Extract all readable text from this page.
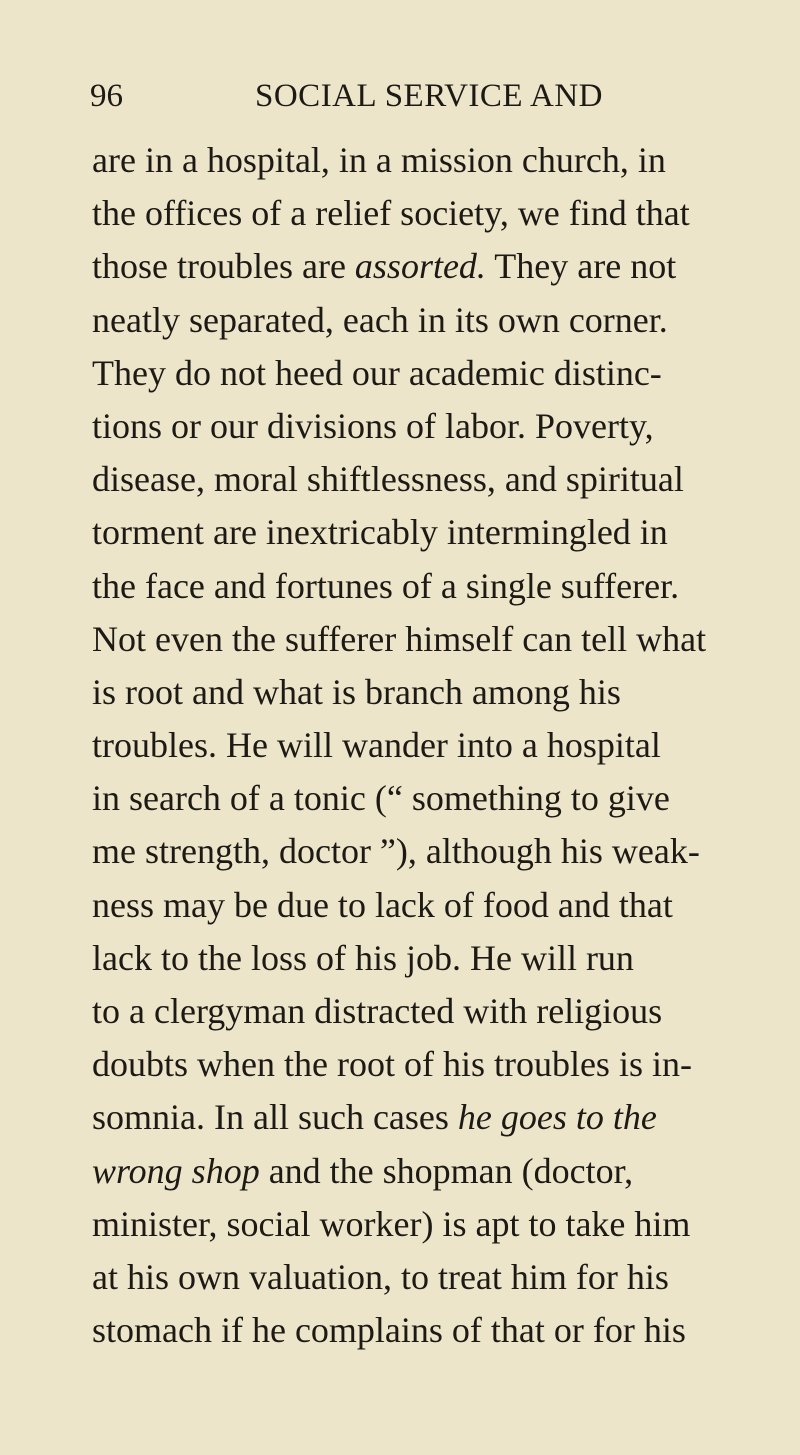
96	SOCIAL SERVICE AND
are in a hospital, in a mission church, in
the offices of a relief society, we find that
those troubles are assorted. They are not
neatly separated, each in its own corner.
They do not heed our academic distinc-
tions or our divisions of labor. Poverty,
disease, moral shiftlessness, and spiritual
torment are inextricably intermingled in
the face and fortunes of a single sufferer.
Not even the sufferer himself can tell what
is root and what is branch among his
troubles. He will wander into a hospital
in search of a tonic (“ something to give
me strength, doctor ”), although his weak-
ness may be due to lack of food and that
lack to the loss of his job. He will run
to a clergyman distracted with religious
doubts when the root of his troubles is in-
somnia. In all such cases he goes to the
wrong shop and the shopman (doctor,
minister, social worker) is apt to take him
at his own valuation, to treat him for his
stomach if he complains of that or for his
